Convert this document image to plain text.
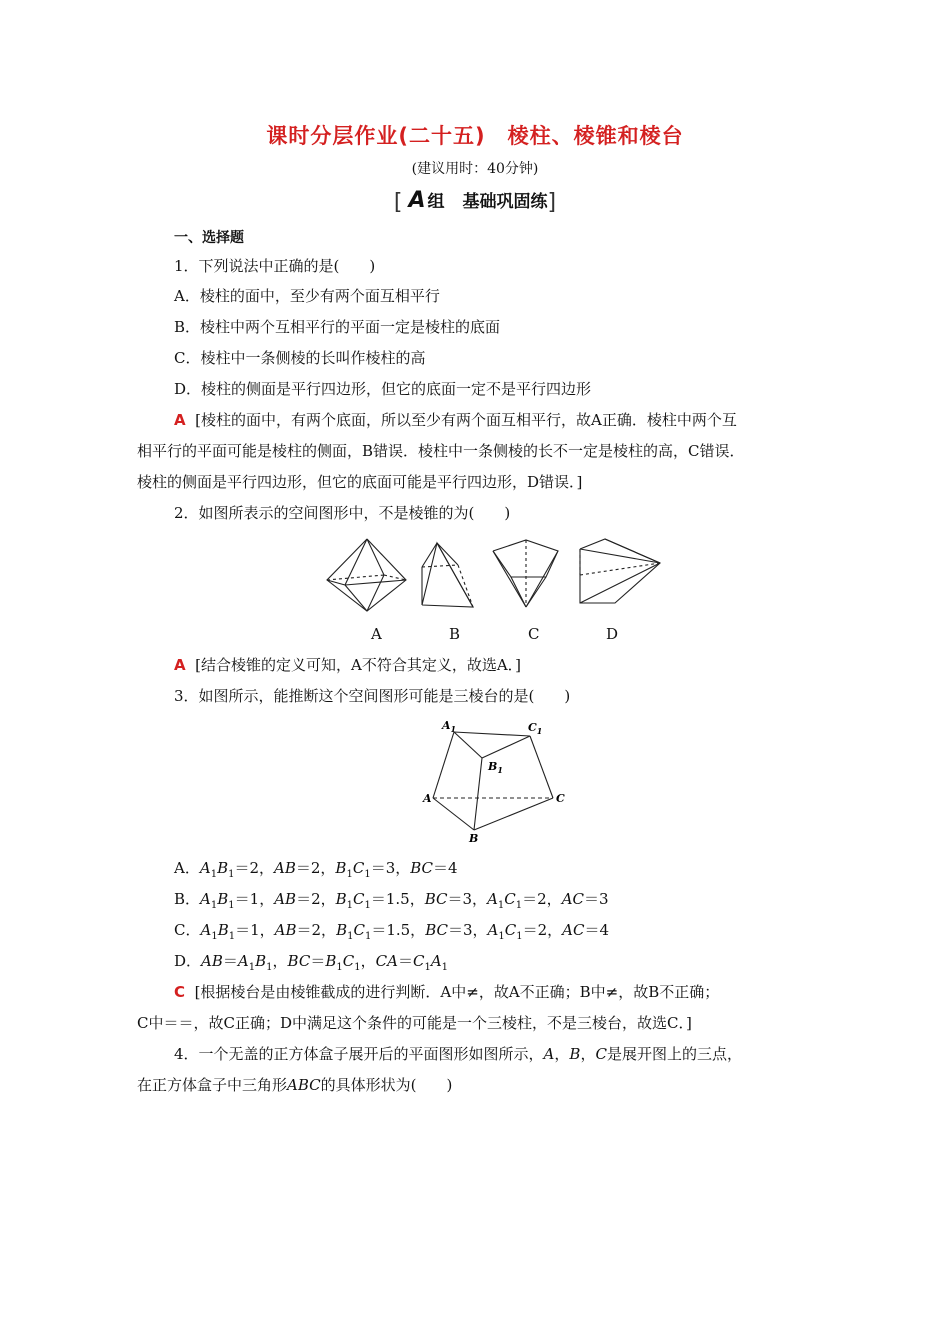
课时分层作业(二十五) 棱柱、棱锥和棱台
(建议用时：40分钟)
[ A 组 基础巩固练]
一、选择题
1．下列说法中正确的是(　　)
A．棱柱的面中，至少有两个面互相平行
B．棱柱中两个互相平行的平面一定是棱柱的底面
C．棱柱中一条侧棱的长叫作棱柱的高
D．棱柱的侧面是平行四边形，但它的底面一定不是平行四边形
A [棱柱的面中，有两个底面，所以至少有两个面互相平行，故A正确．棱柱中两个互
相平行的平面可能是棱柱的侧面，B错误．棱柱中一条侧棱的长不一定是棱柱的高，C错误．
棱柱的侧面是平行四边形，但它的底面可能是平行四边形，D错误．]
2．如图所表示的空间图形中，不是棱锥的为(　　)
A	B	C	D
A [结合棱锥的定义可知，A不符合其定义，故选A．]
3．如图所示，能推断这个空间图形可能是三棱台的是(　　)
$A_1$	$C_1$
$B_1$
A
B
C
A．$A_1B_1=2$，AB＝2，$B_1C_1=3$，BC＝4
B．$A_1B_1=1$，AB＝2，$B_1C_1=1.5$，BC＝3，$A_1C_1=2$，AC＝3
C．$A_1B_1=1$，AB＝2，$B_1C_1=1.5$，BC＝3，$A_1C_1=2$，AC＝4
D．$AB=A_1B_1$，$BC=B_1C_1$，$CA=C_1A_1$
C [根据棱台是由棱锥截成的进行判断．A中≠，故A不正确；B中≠，故B不正确；
C中＝＝，故C正确；D中满足这个条件的可能是一个三棱柱，不是三棱台，故选C．]
4．一个无盖的正方体盒子展开后的平面图形如图所示，A，B，C是展开图上的三点，
在正方体盒子中三角形ABC的具体形状为(　　)
